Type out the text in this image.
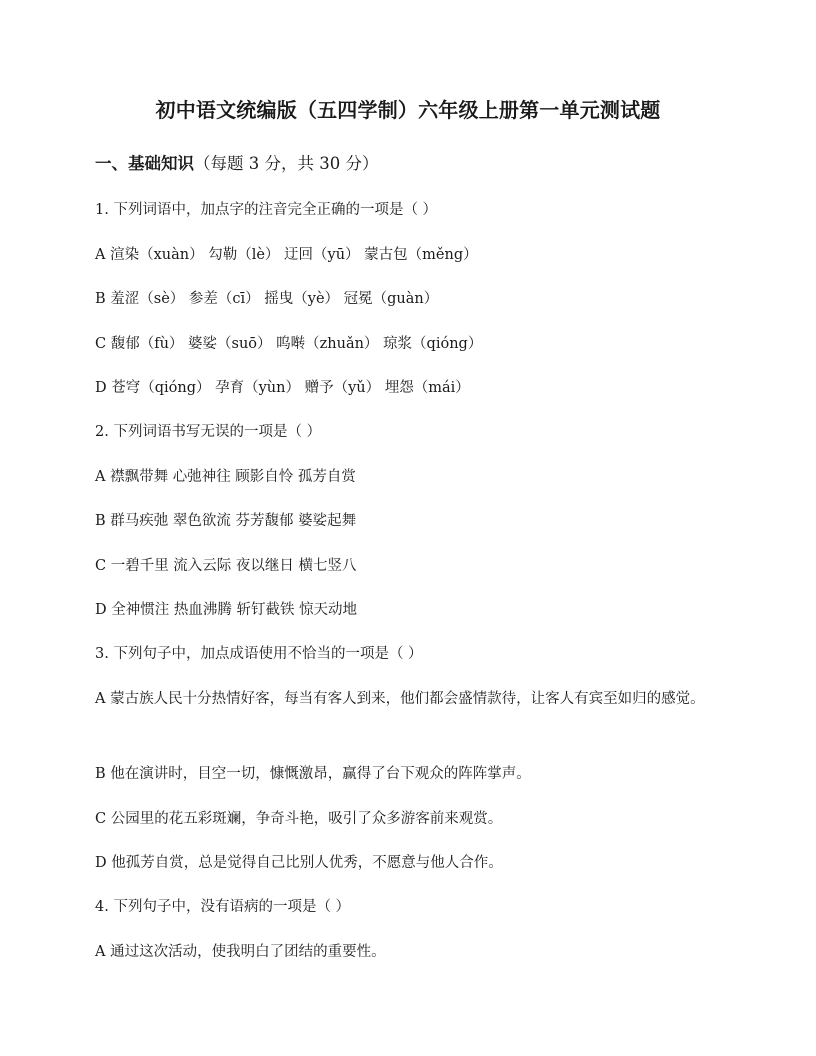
初中语文统编版（五四学制）六年级上册第一单元测试题
一、基础知识（每题 3 分，共 30 分）

1. 下列词语中，加点字的注音完全正确的一项是（ ）

A 渲染（xuàn） 勾勒（lè） 迂回（yū） 蒙古包（měng）

B 羞涩（sè） 参差（cī） 摇曳（yè） 冠冕（guàn）

C 馥郁（fù） 婆娑（suō） 呜啭（zhuǎn） 琼浆（qióng）

D 苍穹（qióng） 孕育（yùn） 赠予（yǔ） 埋怨（mái）

2. 下列词语书写无误的一项是（ ）

A 襟飘带舞 心弛神往 顾影自怜 孤芳自赏

B 群马疾弛 翠色欲流 芬芳馥郁 婆娑起舞

C 一碧千里 流入云际 夜以继日 横七竖八

D 全神惯注 热血沸腾 斩钉截铁 惊天动地

3. 下列句子中，加点成语使用不恰当的一项是（ ）

A 蒙古族人民十分热情好客，每当有客人到来，他们都会盛情款待，让客人有宾至如归的感觉。

B 他在演讲时，目空一切，慷慨激昂，赢得了台下观众的阵阵掌声。

C 公园里的花五彩斑斓，争奇斗艳，吸引了众多游客前来观赏。

D 他孤芳自赏，总是觉得自己比别人优秀，不愿意与他人合作。

4. 下列句子中，没有语病的一项是（ ）

A 通过这次活动，使我明白了团结的重要性。
